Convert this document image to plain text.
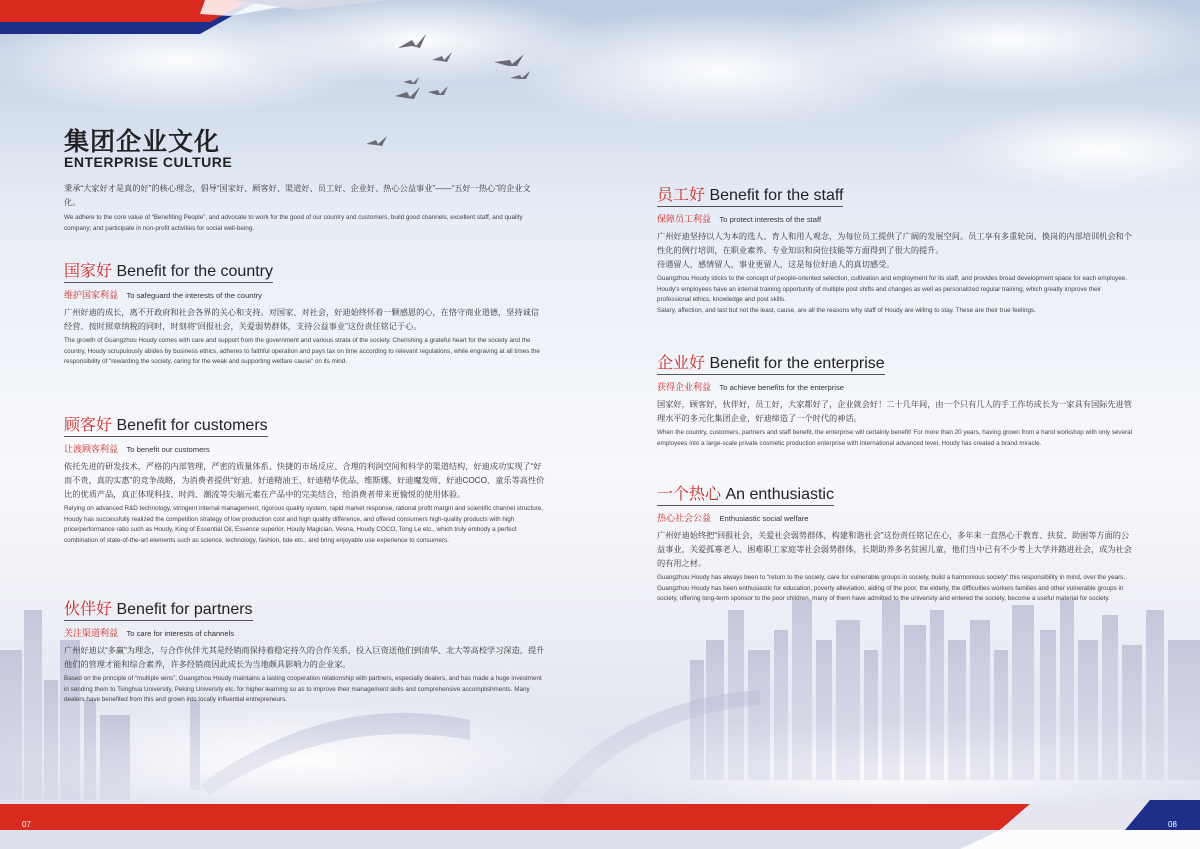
集团企业文化
ENTERPRISE CULTURE
秉承“大家好才是真的好”的核心理念，倡导“国家好、顾客好、渠道好、员工好、企业好、热心公益事业”——“五好一热心”的企业文化。
We adhere to the core value of “Benefiting People”, and advocate to work for the good of our country and customers, build good channels, excellent staff, and quality company; and participate in non-profit activities for social well-being.
国家好 Benefit for the country
维护国家利益 To safeguard the interests of the country
广州好迪的成长，离不开政府和社会各界的关心和支持。对国家、对社会，好迪始终怀着一颗感恩的心，在恪守商业道德，坚持诚信经营、按时照章纳税的同时，时刻将“回报社会，关爱弱势群体，支持公益事业”这份责任铭记于心。
The growth of Guangzhou Houdy comes with care and support from the government and various strata of the society. Cherishing a grateful heart for the society and the country, Houdy scrupulously abides by business ethics, adheres to faithful operation and pays tax on time according to relevant regulations, while engraving at all times the responsibility of “rewarding the society, caring for the weak and supporting welfare cause” on its mind.
顾客好 Benefit for customers
让渡顾客利益 To benefit our customers
依托先进的研发技术，严格的内部管理，严密的质量体系、快捷的市场反应、合理的利润空间和科学的渠道结构，好迪成功实现了“好而不贵，真的实惠”的竞争战略，为消费者提供“好迪、好迪精油王、好迪精华优品、维斯娜、好迪魔发师、好迪COCO、童乐等高性价比的优质产品，真正体现科技、时尚、潮流等尖端元素在产品中的完美结合，给消费者带来更愉悦的使用体验。
Relying on advanced R&D technology, stringent internal management, rigorous quality system, rapid market response, rational profit margin and scientific channel structure, Houdy has successfully realized the competition strategy of low production cost and high quality difference, and offered consumers high-quality products with high price/performance ratio such as Houdy, King of Essential Oil, Essence superior, Houdy Magician, Vesna, Houdy COCO, Tong Le etc., which truly embody a perfect combination of state-of-the-art elements such as science, technology, fashion, tide etc., and bring enjoyable use experience to consumers.
伙伴好 Benefit for partners
关注渠道利益 To care for interests of channels
广州好迪以“多赢”为理念，与合作伙伴尤其是经销商保持着稳定持久的合作关系，投入巨资送他们到清华、北大等高校学习深造，提升他们的管理才能和综合素养，许多经销商因此成长为当地颇具影响力的企业家。
Based on the principle of “multiple wins”, Guangzhou Houdy maintains a lasting cooperation relationship with partners, especially dealers, and has made a huge investment in sending them to Tsinghua University, Peking University etc. for higher learning so as to improve their management skills and comprehensive accomplishments. Many dealers have benefited from this and grown into locally influential entrepreneurs.
员工好 Benefit for the staff
保障员工利益 To protect interests of the staff
广州好迪坚持以人为本的选人、育人和用人观念，为每位员工提供了广阔的发展空间。员工享有多重轮岗、换岗的内部培训机会和个性化的例行培训，在职业素养、专业知识和岗位技能等方面得到了很大的提升。
待遇留人，感情留人，事业更留人，这是每位好迪人的真切感受。
Guangzhou Houdy sticks to the concept of people-oriented selection, cultivation and employment for its staff, and provides broad development space for each employee. Houdy's employees have an internal training opportunity of multiple post shifts and changes as well as personalized regular training, which greatly improve their professional ethics, knowledge and post skills.
Salary, affection, and last but not the least, cause, are all the reasons why staff of Houdy are willing to stay. These are their true feelings.
企业好 Benefit for the enterprise
获得企业利益 To achieve benefits for the enterprise
国家好，顾客好，伙伴好，员工好，大家都好了，企业就会好！二十几年间，由一个只有几人的手工作坊成长为一家具有国际先进管理水平的多元化集团企业，好迪缔造了一个时代的神话。
When the country, customers, partners and staff benefit, the enterprise will certainly benefit! For more than 20 years, having grown from a hand workshop with only several employees into a large-scale private cosmetic production enterprise with international advanced level, Houdy has created a brand miracle.
一个热心 An enthusiastic
热心社会公益 Enthusiastic social welfare
广州好迪始终把“回报社会，关爱社会弱势群体，构建和谐社会”这份责任铭记在心，多年来一直热心于教育、扶贫、助困等方面的公益事业，关爱孤寡老人、困难职工家庭等社会弱势群体，长期助养多名贫困儿童，他们当中已有不少考上大学并踏进社会，成为社会的有用之材。
Guangzhou Houdy has always been to “return to the society, care for vulnerable groups in society, build a harmonious society” this responsibility in mind, over the years, Guangzhou Houdy has been enthusiastic for education, poverty alleviation, aiding of the poor, the elderly, the difficulties workers families and other vulnerable groups in society, offering long-term sponsor to the poor children, many of them have admitted to the university and entered the society, become a useful material for society.
07	08
